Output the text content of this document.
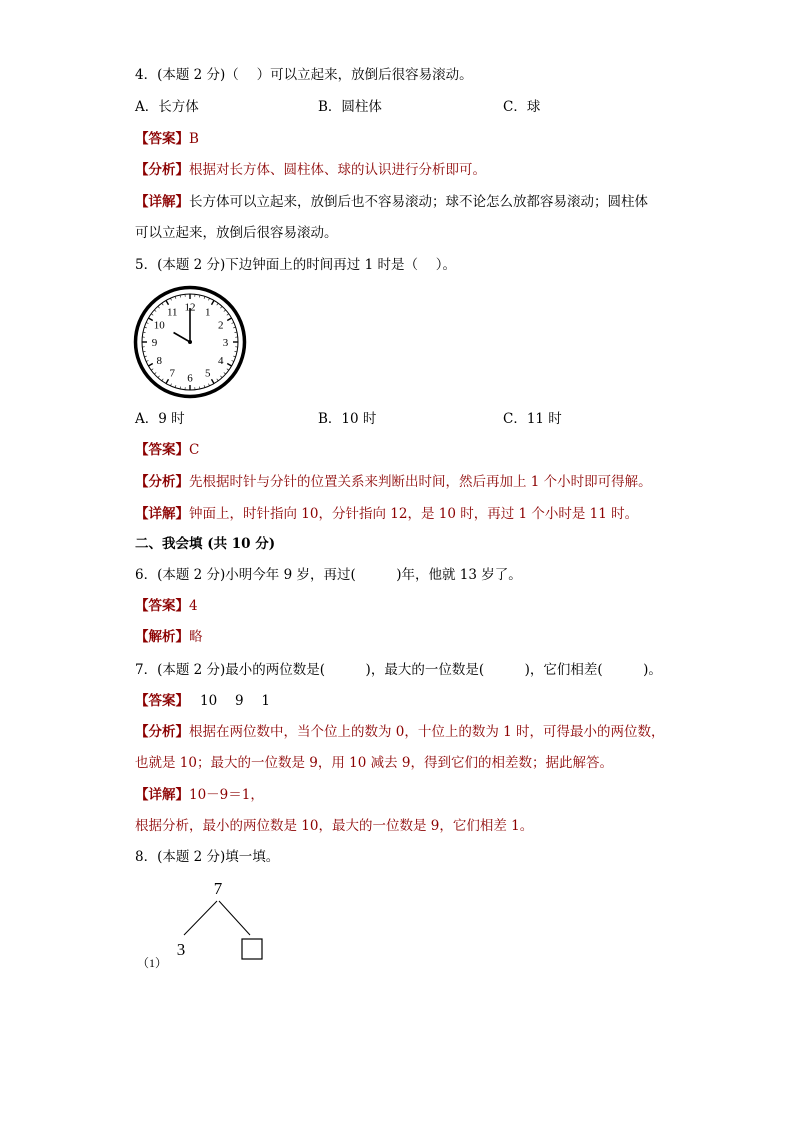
4．(本题 2 分)（　 ）可以立起来，放倒后很容易滚动。
A．长方体	B．圆柱体	C．球
【答案】B
【分析】根据对长方体、圆柱体、球的认识进行分析即可。
【详解】长方体可以立起来，放倒后也不容易滚动；球不论怎么放都容易滚动；圆柱体
可以立起来，放倒后很容易滚动。
5．(本题 2 分)下边钟面上的时间再过 1 时是（　 ）。
12 1
2
3
4
5
6
7
8
9
10
11
A．9 时	B．10 时	C．11 时
【答案】C
【分析】先根据时针与分针的位置关系来判断出时间，然后再加上 1 个小时即可得解。
【详解】钟面上，时针指向 10，分针指向 12，是 10 时，再过 1 个小时是 11 时。
二、我会填 (共 10 分)
6．(本题 2 分)小明今年 9 岁，再过(　　　)年，他就 13 岁了。
【答案】4
【解析】略
7．(本题 2 分)最小的两位数是(　　　)，最大的一位数是(　　　)，它们相差(　　　)。
【答案】　 10　 9　 1
【分析】根据在两位数中，当个位上的数为 0，十位上的数为 1 时，可得最小的两位数，
也就是 10；最大的一位数是 9，用 10 减去 9，得到它们的相差数；据此解答。
【详解】10－9＝1，
根据分析，最小的两位数是 10，最大的一位数是 9，它们相差 1。
8．(本题 2 分)填一填。
7
3
（1）
